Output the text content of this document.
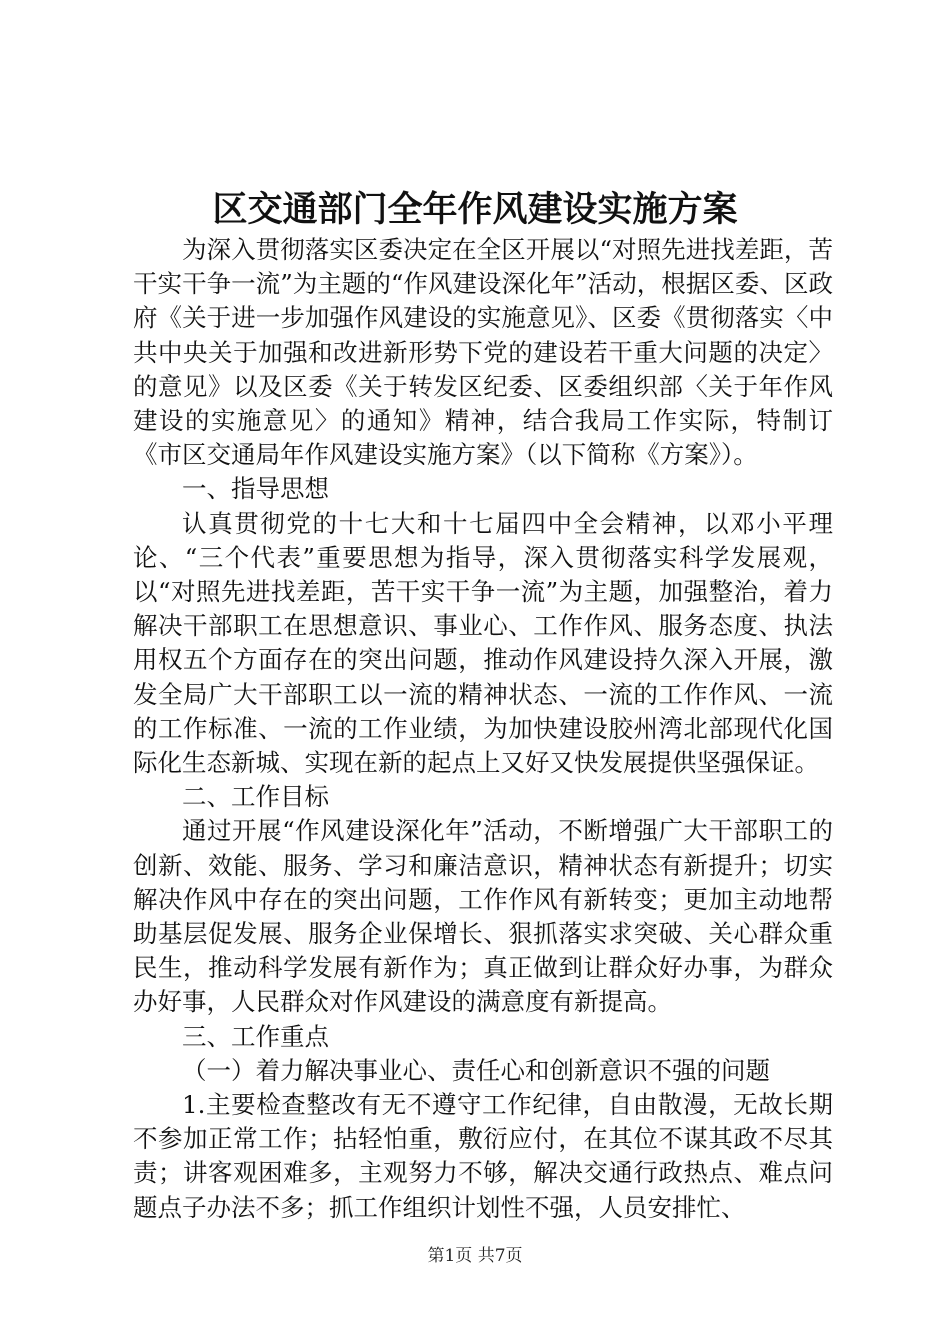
区交通部门全年作风建设实施方案

为深入贯彻落实区委决定在全区开展以“对照先进找差距，苦干实干争一流”为主题的“作风建设深化年”活动，根据区委、区政府《关于进一步加强作风建设的实施意见》、区委《贯彻落实〈中共中央关于加强和改进新形势下党的建设若干重大问题的决定〉的意见》以及区委《关于转发区纪委、区委组织部〈关于年作风建设的实施意见〉的通知》精神，结合我局工作实际，特制订《市区交通局年作风建设实施方案》（以下简称《方案》）。

一、指导思想

认真贯彻党的十七大和十七届四中全会精神，以邓小平理论、“三个代表”重要思想为指导，深入贯彻落实科学发展观，以“对照先进找差距，苦干实干争一流”为主题，加强整治，着力解决干部职工在思想意识、事业心、工作作风、服务态度、执法用权五个方面存在的突出问题，推动作风建设持久深入开展，激发全局广大干部职工以一流的精神状态、一流的工作作风、一流的工作标准、一流的工作业绩，为加快建设胶州湾北部现代化国际化生态新城、实现在新的起点上又好又快发展提供坚强保证。

二、工作目标

通过开展“作风建设深化年”活动，不断增强广大干部职工的创新、效能、服务、学习和廉洁意识，精神状态有新提升；切实解决作风中存在的突出问题，工作作风有新转变；更加主动地帮助基层促发展、服务企业保增长、狠抓落实求突破、关心群众重民生，推动科学发展有新作为；真正做到让群众好办事，为群众办好事，人民群众对作风建设的满意度有新提高。

三、工作重点

（一）着力解决事业心、责任心和创新意识不强的问题

1.主要检查整改有无不遵守工作纪律，自由散漫，无故长期不参加正常工作；拈轻怕重，敷衍应付，在其位不谋其政不尽其责；讲客观困难多，主观努力不够，解决交通行政热点、难点问题点子办法不多；抓工作组织计划性不强，人员安排忙、

第1页 共7页
